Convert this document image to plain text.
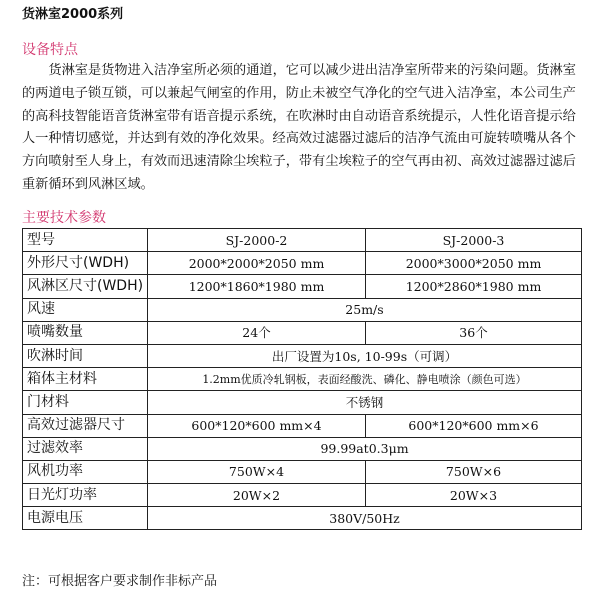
货淋室2000系列
设备特点

货淋室是货物进入洁净室所必须的通道，它可以减少进出洁净室所带来的污染问题。货淋室的两道电子锁互锁，可以兼起气闸室的作用，防止未被空气净化的空气进入洁净室，本公司生产的高科技智能语音货淋室带有语音提示系统，在吹淋时由自动语音系统提示，人性化语音提示给人一种情切感觉，并达到有效的净化效果。经高效过滤器过滤后的洁净气流由可旋转喷嘴从各个方向喷射至人身上，有效而迅速清除尘埃粒子，带有尘埃粒子的空气再由初、高效过滤器过滤后重新循环到风淋区域。

主要技术参数
型号	SJ-2000-2	SJ-2000-3
外形尺寸(WDH)	2000*2000*2050 mm	2000*3000*2050 mm
风淋区尺寸(WDH)	1200*1860*1980 mm	1200*2860*1980 mm
风速	25m/s	
喷嘴数量	24个	36个
吹淋时间	出厂设置为10s, 10-99s（可调）	
箱体主材料	1.2mm优质冷轧钢板，表面经酸洗、磷化、静电喷涂（颜色可选）	
门材料	不锈钢	
高效过滤器尺寸	600*120*600 mm×4	600*120*600 mm×6
过滤效率	99.99at0.3μm	
风机功率	750W×4	750W×6
日光灯功率	20W×2	20W×3
电源电压	380V/50Hz	
注：可根据客户要求制作非标产品
